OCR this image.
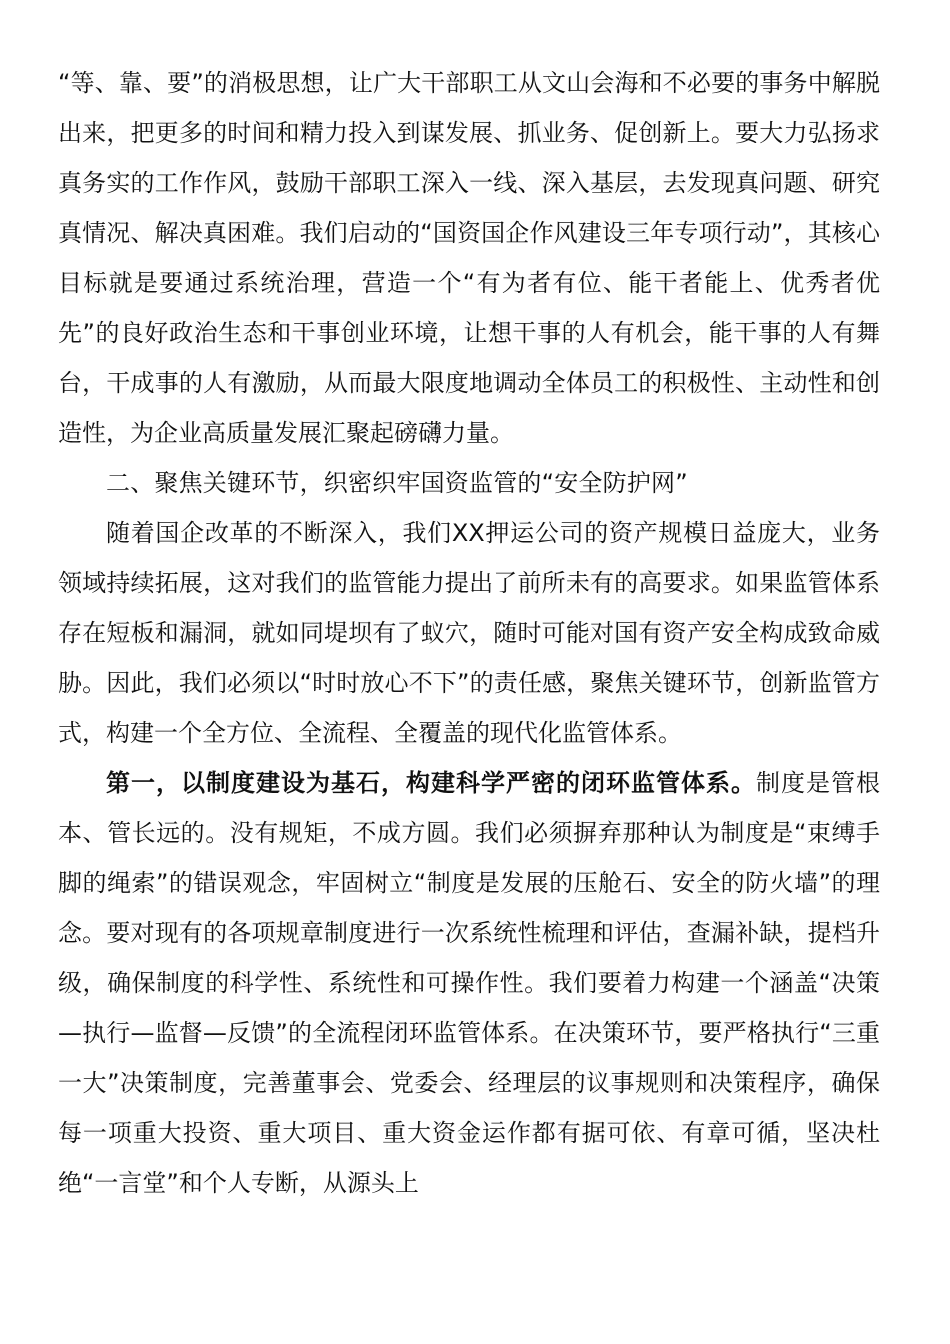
“等、靠、要”的消极思想，让广大干部职工从文山会海和不必要的事务中解脱出来，把更多的时间和精力投入到谋发展、抓业务、促创新上。要大力弘扬求真务实的工作作风，鼓励干部职工深入一线、深入基层，去发现真问题、研究真情况、解决真困难。我们启动的“国资国企作风建设三年专项行动”，其核心目标就是要通过系统治理，营造一个“有为者有位、能干者能上、优秀者优先”的良好政治生态和干事创业环境，让想干事的人有机会，能干事的人有舞台，干成事的人有激励，从而最大限度地调动全体员工的积极性、主动性和创造性，为企业高质量发展汇聚起磅礴力量。

二、聚焦关键环节，织密织牢国资监管的“安全防护网”

随着国企改革的不断深入，我们XX押运公司的资产规模日益庞大，业务领域持续拓展，这对我们的监管能力提出了前所未有的高要求。如果监管体系存在短板和漏洞，就如同堤坝有了蚁穴，随时可能对国有资产安全构成致命威胁。因此，我们必须以“时时放心不下”的责任感，聚焦关键环节，创新监管方式，构建一个全方位、全流程、全覆盖的现代化监管体系。

第一，以制度建设为基石，构建科学严密的闭环监管体系。制度是管根本、管长远的。没有规矩，不成方圆。我们必须摒弃那种认为制度是“束缚手脚的绳索”的错误观念，牢固树立“制度是发展的压舱石、安全的防火墙”的理念。要对现有的各项规章制度进行一次系统性梳理和评估，查漏补缺，提档升级，确保制度的科学性、系统性和可操作性。我们要着力构建一个涵盖“决策—执行—监督—反馈”的全流程闭环监管体系。在决策环节，要严格执行“三重一大”决策制度，完善董事会、党委会、经理层的议事规则和决策程序，确保每一项重大投资、重大项目、重大资金运作都有据可依、有章可循，坚决杜绝“一言堂”和个人专断，从源头上
